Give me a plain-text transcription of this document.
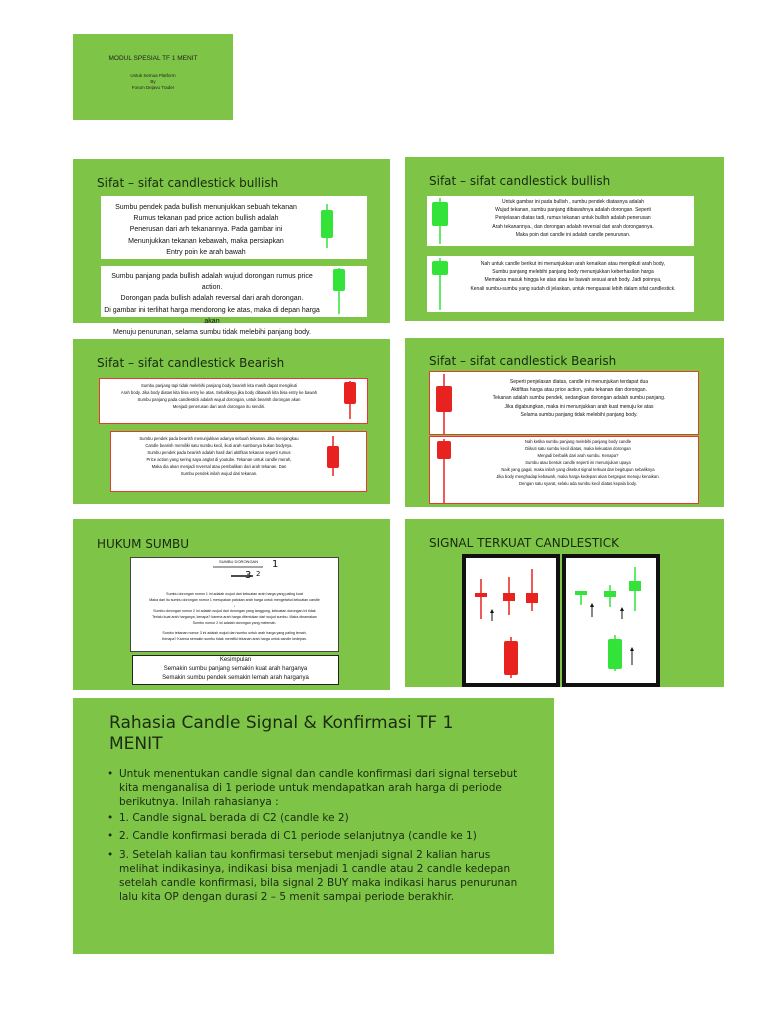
MODUL SPESIAL TF 1 MENIT
Untuk Semua Platform
By
Forum Dejavu Trader
Sifat – sifat candlestick bullish

Sumbu pendek pada bullish menunjukkan sebuah tekanan

Rumus tekanan pad price action bullish adalah

Penerusan dari arh tekanannya. Pada gambar ini

Menunjukkan tekanan kebawah, maka persiapkan

Entry poin ke arah bawah

Sumbu panjang pada bullish adalah wujud dorongan rumus price action.

Dorongan pada bullish adalah reversal dari arah dorongan.

Di gambar ini terlihat harga mendorong ke atas, maka di depan harga akan

Menuju penurunan, selama sumbu tidak melebihi panjang body.

Sifat – sifat candlestick bullish

Untuk gambar ini pada bullish , sumbu pendek diatasnya adalah

Wujud tekanan, sumbu panjang dibawahnya adalah dorongan. Seperti

Penjelasan diatas tadi, rumus tekanan untuk bullish adalah penerusan

Arah tekanannya., dan dorongan adalah reversal dari arah dorongannya.

Maka poin dari candle ini adalah candle penurunan.

Nah untuk candle berikut ini menunjukkan arah kenaikan atau mengikuti arah body,

Sumbu panjang melebihi panjang body menunjukkan keberhasilan harga

Memaksa masuk hingga ke atas atau ke bawah sesuai arah body. Jadi poinnya,

Kenali sumbu-sumbu yang sudah di jelaskan, untuk menguasai lebih dalam sifat candlestick.

Sifat – sifat candlestick Bearish

Sumbu panjang tapi tidak melebihi panjang body bearish kita masih dapat mengikuti

Arah body. Jika body diatas kita bisa entry ke atas. Sebaliknya jika body dibawah kita bisa entry ke bawah

Sumbu panjang pada candlestick adalah wujud dorongan, untuk bearish dorongan akan

Menjadi penerusan dari arah dorongan itu sendiri.

Sumbu pendek pada bearish menunjukkan adanya sebuah tekanan. Jika menjangkau

Candle bearish memiliki satu sumbu kecil, ikuti arah sumbunya bukan bodynya.

Sumbu pendek pada bearish adalah hasil dari aktifitas tekanan seperti rumus

Price action yang sering saya anglat di youtube. Tekanan untuk candle merah,

Maka dia akan menjadi reversal atau pembalikan dari arah tekanan. Dan

Sumbu pendek inilah wujud dari tekanan.

Sifat – sifat candlestick Bearish

Seperti penjelasan diatas, candle ini menunjukan terdapat dua

Aktifitas harga atau price action, yaitu tekanan dan dorongan.

Tekanan adalah sumbu pendek, sedangkan dorongan adalah sumbu panjang.

Jika digabungkan, maka ini menunjukkan arah kuat menuju ke atas

Selama sumbu panjang tidak melebihi panjang body.

Nah ketika sumbu panjang melebihi panjang body candle

Diikuti satu sumbu kecil diatas, maka kekuatan dorongan

Menjadi berbalik dari arah sumbu. Kenapa?

Sumbu atau bentuk candle seperti ini menunjukan upaya

Naik yang gagal, maka inilah yang disebut signal terkuat dan begitupun sebaliknya

Jika body menghadap kebawah, maka harga kedepan akan bergegas menuju kenaikan.

Dengan satu syarat, selalu ada sumbu kecil diatas kepala body.

HUKUM SUMBU
SUMBU DORONGAN 1
3 2

Sumbu dorongan nomor 1 ini adalah wujud dari kekuatan arah harga yang paling kuat

Maka dari itu sumbu dorongan nomor 1 merupakan patokan arah harga untuk mengetahui kekuatan candle

↓

Sumbu dorongan nomor 2 ini adalah wujud dari dorongan yang tanggung, kekuatan dorongan ini tidak

Terlalu kuat arah harganya, kenapa? karena arah harga ditentukan dari wujud sumbu. Maka dinamakan

Sumbu nomor 2 ini adalah dorongan yang melemah.

Sumbu tekanan nomor 3 ini adalah wujud dari sumbu untuk arah harga yang paling lemah,

Kenapa? Karena semakin sumbu tidak memiliki tekanan arah harga untuk candle kedepan.

Kesimpulan

Semakin sumbu panjang semakin kuat arah harganya

Semakin sumbu pendek semakin lemah arah harganya

SIGNAL TERKUAT CANDLESTICK
Rahasia Candle Signal & Konfirmasi TF 1 MENIT
• Untuk menentukan candle signal dan candle konfirmasi dari signal tersebut
kita menganalisa di 1 periode untuk mendapatkan arah harga di periode
berikutnya. Inilah rahasianya :
• 1. Candle signaL berada di C2 (candle ke 2)
• 2. Candle konfirmasi berada di C1 periode selanjutnya (candle ke 1)
• 3. Setelah kalian tau konfirmasi tersebut menjadi signal 2 kalian harus
melihat indikasinya, indikasi bisa menjadi 1 candle atau 2 candle kedepan
setelah candle konfirmasi, bila signal 2 BUY maka indikasi harus penurunan
lalu kita OP dengan durasi 2 – 5 menit sampai periode berakhir.
